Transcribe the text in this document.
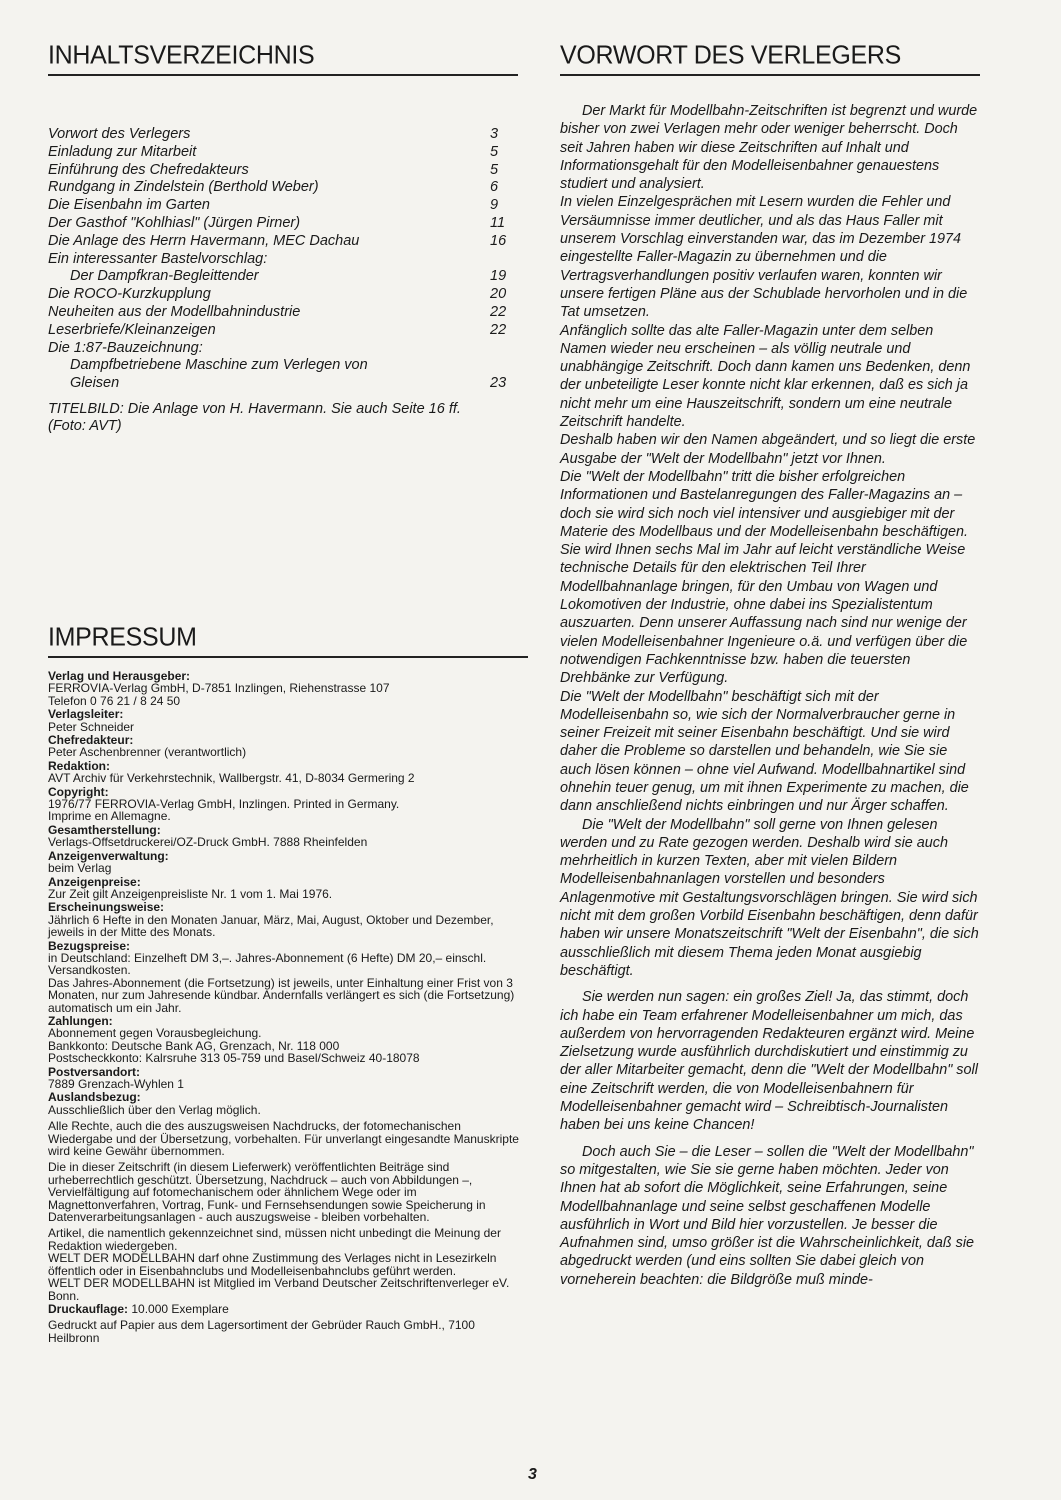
INHALTSVERZEICHNIS
Vorwort des Verlegers	3
Einladung zur Mitarbeit	5
Einführung des Chefredakteurs	5
Rundgang in Zindelstein (Berthold Weber)	6
Die Eisenbahn im Garten	9
Der Gasthof "Kohlhiasl" (Jürgen Pirner)	11
Die Anlage des Herrn Havermann, MEC Dachau	16
Ein interessanter Bastelvorschlag:
Der Dampfkran-Begleittender	19
Die ROCO-Kurzkupplung	20
Neuheiten aus der Modellbahnindustrie	22
Leserbriefe/Kleinanzeigen	22
Die 1:87-Bauzeichnung:
Dampfbetriebene Maschine zum Verlegen von
Gleisen	23
TITELBILD: Die Anlage von H. Havermann. Sie auch Seite 16 ff. (Foto: AVT)
IMPRESSUM
Verlag und Herausgeber:
FERROVIA-Verlag GmbH, D-7851 Inzlingen, Riehenstrasse 107
Telefon 0 76 21 / 8 24 50
Verlagsleiter:
Peter Schneider
Chefredakteur:
Peter Aschenbrenner (verantwortlich)
Redaktion:
AVT Archiv für Verkehrstechnik, Wallbergstr. 41, D-8034 Germering 2
Copyright:
1976/77 FERROVIA-Verlag GmbH, Inzlingen. Printed in Germany.
Imprime en Allemagne.
Gesamtherstellung:
Verlags-Offsetdruckerei/OZ-Druck GmbH. 7888 Rheinfelden
Anzeigenverwaltung:
beim Verlag
Anzeigenpreise:
Zur Zeit gilt Anzeigenpreisliste Nr. 1 vom 1. Mai 1976.
Erscheinungsweise:
Jährlich 6 Hefte in den Monaten Januar, März, Mai, August, Oktober und Dezember, jeweils in der Mitte des Monats.
Bezugspreise:
in Deutschland: Einzelheft DM 3,–. Jahres-Abonnement (6 Hefte) DM 20,– einschl. Versandkosten.
Das Jahres-Abonnement (die Fortsetzung) ist jeweils, unter Einhaltung einer Frist von 3 Monaten, nur zum Jahresende kündbar. Andernfalls verlängert es sich (die Fortsetzung) automatisch um ein Jahr.
Zahlungen:
Abonnement gegen Vorausbegleichung.
Bankkonto: Deutsche Bank AG, Grenzach, Nr. 118 000
Postscheckkonto: Kalrsruhe 313 05-759 und Basel/Schweiz 40-18078
Postversandort:
7889 Grenzach-Wyhlen 1
Auslandsbezug:
Ausschließlich über den Verlag möglich.
Alle Rechte, auch die des auszugsweisen Nachdrucks, der fotomechanischen Wiedergabe und der Übersetzung, vorbehalten. Für unverlangt eingesandte Manuskripte wird keine Gewähr übernommen.
Die in dieser Zeitschrift (in diesem Lieferwerk) veröffentlichten Beiträge sind urheberrechtlich geschützt. Übersetzung, Nachdruck – auch von Abbildungen –, Vervielfältigung auf fotomechanischem oder ähnlichem Wege oder im Magnettonverfahren, Vortrag, Funk- und Fernsehsendungen sowie Speicherung in Datenverarbeitungsanlagen - auch auszugsweise - bleiben vorbehalten.
Artikel, die namentlich gekennzeichnet sind, müssen nicht unbedingt die Meinung der Redaktion wiedergeben.
WELT DER MODELLBAHN darf ohne Zustimmung des Verlages nicht in Lesezirkeln öffentlich oder in Eisenbahnclubs und Modelleisenbahnclubs geführt werden.
WELT DER MODELLBAHN ist Mitglied im Verband Deutscher Zeitschriftenverleger eV. Bonn.
Druckauflage: 10.000 Exemplare
Gedruckt auf Papier aus dem Lagersortiment der Gebrüder Rauch GmbH., 7100 Heilbronn
VORWORT DES VERLEGERS

Der Markt für Modellbahn-Zeitschriften ist begrenzt und wurde bisher von zwei Verlagen mehr oder weniger beherrscht. Doch seit Jahren haben wir diese Zeitschriften auf Inhalt und Informationsgehalt für den Modelleisenbahner genauestens studiert und analysiert.

In vielen Einzelgesprächen mit Lesern wurden die Fehler und Versäumnisse immer deutlicher, und als das Haus Faller mit unserem Vorschlag einverstanden war, das im Dezember 1974 eingestellte Faller-Magazin zu übernehmen und die Vertragsverhandlungen positiv verlaufen waren, konnten wir unsere fertigen Pläne aus der Schublade hervorholen und in die Tat umsetzen.

Anfänglich sollte das alte Faller-Magazin unter dem selben Namen wieder neu erscheinen – als völlig neutrale und unabhängige Zeitschrift. Doch dann kamen uns Bedenken, denn der unbeteiligte Leser konnte nicht klar erkennen, daß es sich ja nicht mehr um eine Hauszeitschrift, sondern um eine neutrale Zeitschrift handelte.

Deshalb haben wir den Namen abgeändert, und so liegt die erste Ausgabe der "Welt der Modellbahn" jetzt vor Ihnen.

Die "Welt der Modellbahn" tritt die bisher erfolgreichen Informationen und Bastelanregungen des Faller-Magazins an – doch sie wird sich noch viel intensiver und ausgiebiger mit der Materie des Modellbaus und der Modelleisenbahn beschäftigen. Sie wird Ihnen sechs Mal im Jahr auf leicht verständliche Weise technische Details für den elektrischen Teil Ihrer Modellbahnanlage bringen, für den Umbau von Wagen und Lokomotiven der Industrie, ohne dabei ins Spezialistentum auszuarten. Denn unserer Auffassung nach sind nur wenige der vielen Modelleisenbahner Ingenieure o.ä. und verfügen über die notwendigen Fachkenntnisse bzw. haben die teuersten Drehbänke zur Verfügung.

Die "Welt der Modellbahn" beschäftigt sich mit der Modelleisenbahn so, wie sich der Normalverbraucher gerne in seiner Freizeit mit seiner Eisenbahn beschäftigt. Und sie wird daher die Probleme so darstellen und behandeln, wie Sie sie auch lösen können – ohne viel Aufwand. Modellbahnartikel sind ohnehin teuer genug, um mit ihnen Experimente zu machen, die dann anschließend nichts einbringen und nur Ärger schaffen.

Die "Welt der Modellbahn" soll gerne von Ihnen gelesen werden und zu Rate gezogen werden. Deshalb wird sie auch mehrheitlich in kurzen Texten, aber mit vielen Bildern Modelleisenbahnanlagen vorstellen und besonders Anlagenmotive mit Gestaltungsvorschlägen bringen. Sie wird sich nicht mit dem großen Vorbild Eisenbahn beschäftigen, denn dafür haben wir unsere Monatszeitschrift "Welt der Eisenbahn", die sich ausschließlich mit diesem Thema jeden Monat ausgiebig beschäftigt.

Sie werden nun sagen: ein großes Ziel! Ja, das stimmt, doch ich habe ein Team erfahrener Modelleisenbahner um mich, das außerdem von hervorragenden Redakteuren ergänzt wird. Meine Zielsetzung wurde ausführlich durchdiskutiert und einstimmig zu der aller Mitarbeiter gemacht, denn die "Welt der Modellbahn" soll eine Zeitschrift werden, die von Modelleisenbahnern für Modelleisenbahner gemacht wird – Schreibtisch-Journalisten haben bei uns keine Chancen!

Doch auch Sie – die Leser – sollen die "Welt der Modellbahn" so mitgestalten, wie Sie sie gerne haben möchten. Jeder von Ihnen hat ab sofort die Möglichkeit, seine Erfahrungen, seine Modellbahnanlage und seine selbst geschaffenen Modelle ausführlich in Wort und Bild hier vorzustellen. Je besser die Aufnahmen sind, umso größer ist die Wahrscheinlichkeit, daß sie abgedruckt werden (und eins sollten Sie dabei gleich von vorneherein beachten: die Bildgröße muß minde-

3
